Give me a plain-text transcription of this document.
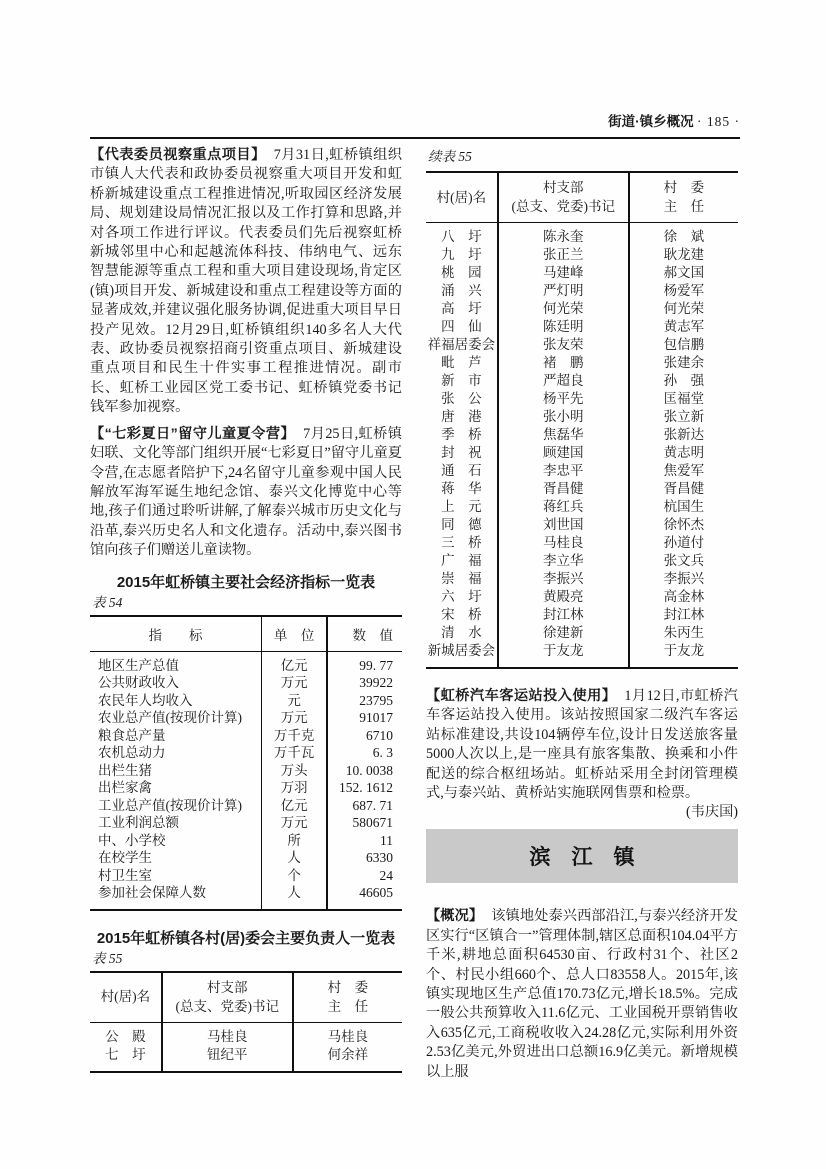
街道·镇乡概况 · 185 ·

【代表委员视察重点项目】 7月31日,虹桥镇组织市镇人大代表和政协委员视察重大项目开发和虹桥新城建设重点工程推进情况,听取园区经济发展局、规划建设局情况汇报以及工作打算和思路,并对各项工作进行评议。代表委员们先后视察虹桥新城邻里中心和起越流体科技、伟纳电气、远东智慧能源等重点工程和重大项目建设现场,肯定区(镇)项目开发、新城建设和重点工程建设等方面的显著成效,并建议强化服务协调,促进重大项目早日投产见效。12月29日,虹桥镇组织140多名人大代表、政协委员视察招商引资重点项目、新城建设重点项目和民生十件实事工程推进情况。副市长、虹桥工业园区党工委书记、虹桥镇党委书记钱军参加视察。

【“七彩夏日”留守儿童夏令营】 7月25日,虹桥镇妇联、文化等部门组织开展“七彩夏日”留守儿童夏令营,在志愿者陪护下,24名留守儿童参观中国人民解放军海军诞生地纪念馆、泰兴文化博览中心等地,孩子们通过聆听讲解,了解泰兴城市历史文化与沿革,泰兴历史名人和文化遗存。活动中,泰兴图书馆向孩子们赠送儿童读物。

2015年虹桥镇主要社会经济指标一览表
表 54
指　　标	单　位	数　值
地区生产总值	亿元	99. 77
公共财政收入	万元	39922
农民年人均收入	元	23795
农业总产值(按现价计算)	万元	91017
粮食总产量	万千克	6710
农机总动力	万千瓦	6. 3
出栏生猪	万头	10. 0038
出栏家禽	万羽	152. 1612
工业总产值(按现价计算)	亿元	687. 71
工业利润总额	万元	580671
中、小学校	所	11
在校学生	人	6330
村卫生室	个	24
参加社会保障人数	人	46605
2015年虹桥镇各村(居)委会主要负责人一览表
表 55
村(居)名	
村支部
(总支、党委)书记

村　委
主　任

公　殿	马桂良	马桂良
七　圩	钮纪平	何余祥
续表 55
村(居)名	
村支部
(总支、党委)书记

村　委
主　任

八　圩	陈永奎	徐　斌
九　圩	张正兰	耿龙建
桃　园	马建峰	郝文国
涌　兴	严灯明	杨爱军
高　圩	何光荣	何光荣
四　仙	陈廷明	黄志军
祥福居委会	张友荣	包信鹏
毗　芦	褚　鹏	张建余
新　市	严超良	孙　强
张　公	杨平先	匡福堂
唐　港	张小明	张立新
季　桥	焦磊华	张新达
封　祝	顾建国	黄志明
通　石	李忠平	焦爱军
蒋　华	胥昌健	胥昌健
上　元	蒋红兵	杭国生
同　德	刘世国	徐怀杰
三　桥	马桂良	孙道付
广　福	李立华	张文兵
崇　福	李振兴	李振兴
六　圩	黄殿亮	高金林
宋　桥	封江林	封江林
清　水	徐建新	朱丙生
新城居委会	于友龙	于友龙

【虹桥汽车客运站投入使用】 1月12日,市虹桥汽车客运站投入使用。该站按照国家二级汽车客运站标准建设,共设104辆停车位,设计日发送旅客量5000人次以上,是一座具有旅客集散、换乘和小件配送的综合枢纽场站。虹桥站采用全封闭管理模式,与泰兴站、黄桥站实施联网售票和检票。
(韦庆国)

滨　江　镇

【概况】 该镇地处泰兴西部沿江,与泰兴经济开发区实行“区镇合一”管理体制,辖区总面积104.04平方千米,耕地总面积64530亩、行政村31个、社区2个、村民小组660个、总人口83558人。2015年,该镇实现地区生产总值170.73亿元,增长18.5%。完成一般公共预算收入11.6亿元、工业国税开票销售收入635亿元,工商税收收入24.28亿元,实际利用外资2.53亿美元,外贸进出口总额16.9亿美元。新增规模以上服
